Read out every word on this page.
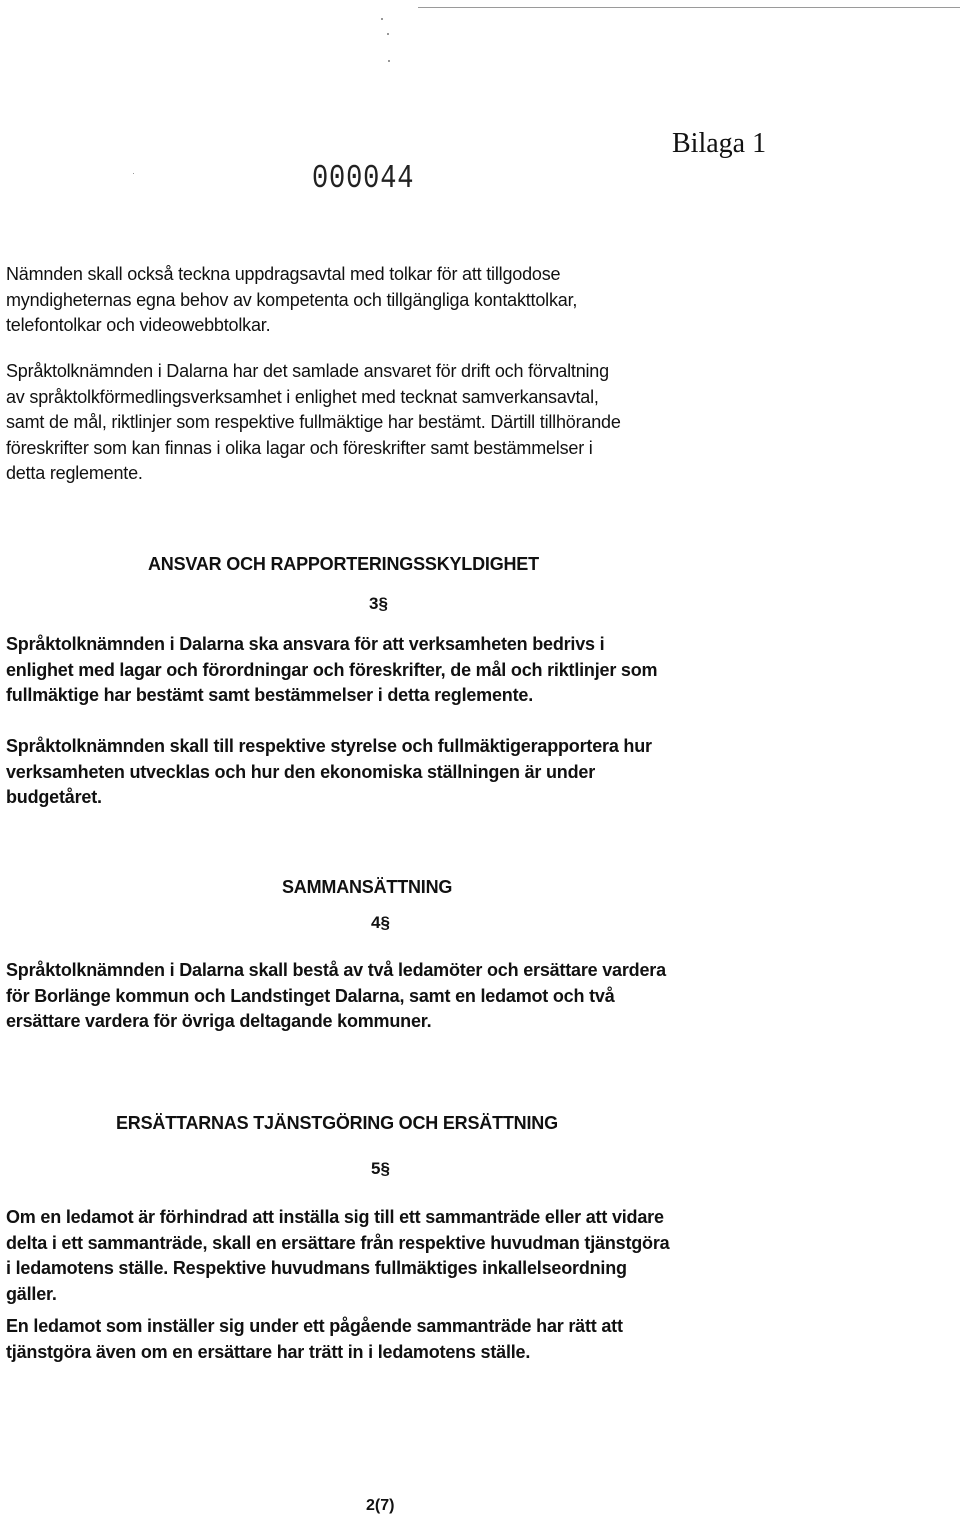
000044
Bilaga 1
Nämnden skall också teckna uppdragsavtal med tolkar för att tillgodose
myndigheternas egna behov av kompetenta och tillgängliga kontakttolkar,
telefontolkar och videowebbtolkar.
Språktolknämnden i Dalarna har det samlade ansvaret för drift och förvaltning
av språktolkförmedlingsverksamhet i enlighet med tecknat samverkansavtal,
samt de mål, riktlinjer som respektive fullmäktige har bestämt. Därtill tillhörande
föreskrifter som kan finnas i olika lagar och föreskrifter samt bestämmelser i
detta reglemente.
ANSVAR OCH RAPPORTERINGSSKYLDIGHET
3§
Språktolknämnden i Dalarna ska ansvara för att verksamheten bedrivs i
enlighet med lagar och förordningar och föreskrifter, de mål och riktlinjer som
fullmäktige har bestämt samt bestämmelser i detta reglemente.
Språktolknämnden skall till respektive styrelse och fullmäktigerapportera hur
verksamheten utvecklas och hur den ekonomiska ställningen är under
budgetåret.
SAMMANSÄTTNING
4§
Språktolknämnden i Dalarna skall bestå av två ledamöter och ersättare vardera
för Borlänge kommun och Landstinget Dalarna, samt en ledamot och två
ersättare vardera för övriga deltagande kommuner.
ERSÄTTARNAS TJÄNSTGÖRING OCH ERSÄTTNING
5§
Om en ledamot är förhindrad att inställa sig till ett sammanträde eller att vidare
delta i ett sammanträde, skall en ersättare från respektive huvudman tjänstgöra
i ledamotens ställe. Respektive huvudmans fullmäktiges inkallelseordning
gäller.
En ledamot som inställer sig under ett pågående sammanträde har rätt att
tjänstgöra även om en ersättare har trätt in i ledamotens ställe.
2(7)
